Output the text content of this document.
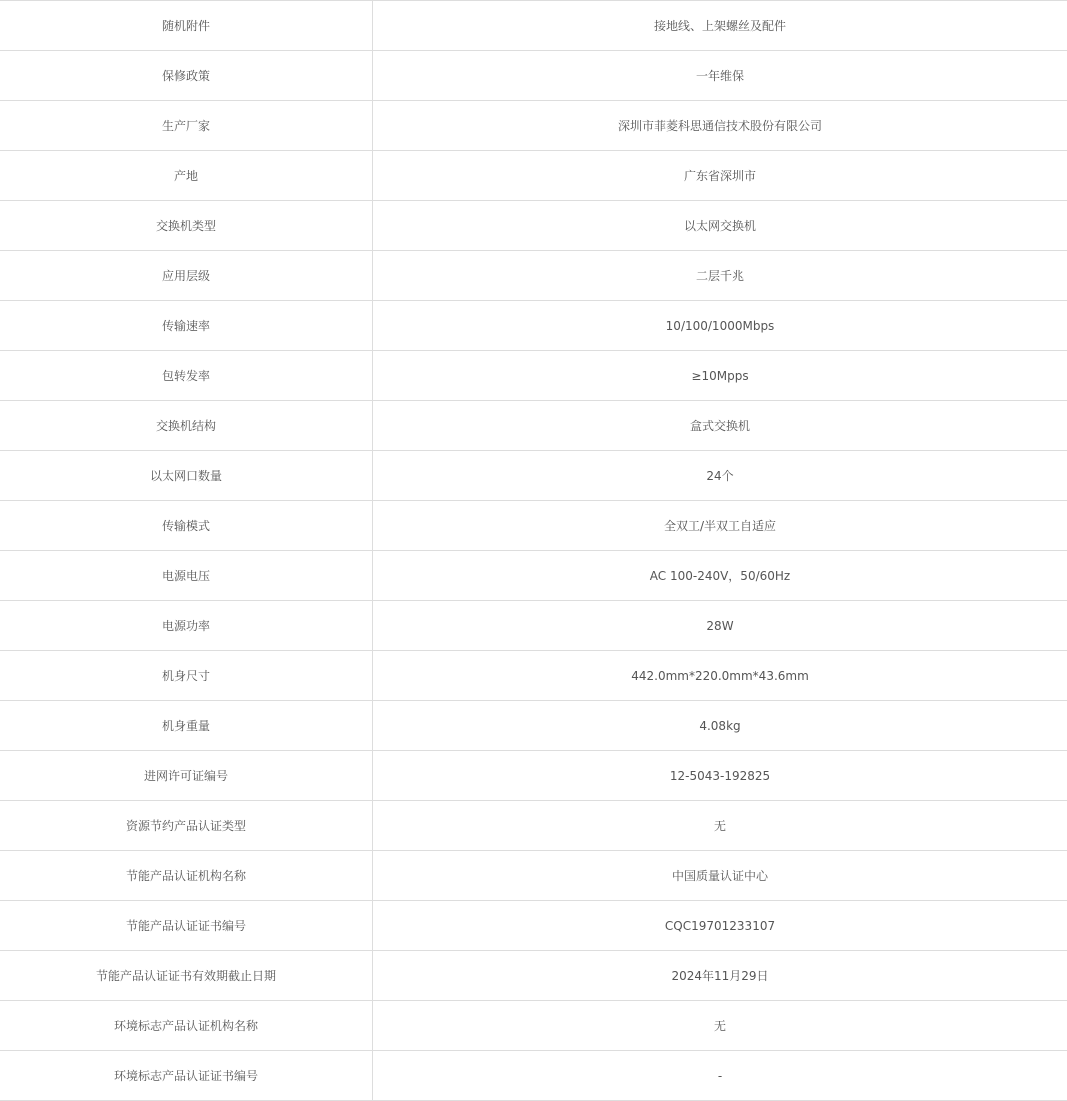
随机附件	接地线、上架螺丝及配件
保修政策	一年维保
生产厂家	深圳市菲菱科思通信技术股份有限公司
产地	广东省深圳市
交换机类型	以太网交换机
应用层级	二层千兆
传输速率	10/100/1000Mbps
包转发率	≥10Mpps
交换机结构	盒式交换机
以太网口数量	24个
传输模式	全双工/半双工自适应
电源电压	AC 100-240V，50/60Hz
电源功率	28W
机身尺寸	442.0mm*220.0mm*43.6mm
机身重量	4.08kg
进网许可证编号	12-5043-192825
资源节约产品认证类型	无
节能产品认证机构名称	中国质量认证中心
节能产品认证证书编号	CQC19701233107
节能产品认证证书有效期截止日期	2024年11月29日
环境标志产品认证机构名称	无
环境标志产品认证证书编号	-
